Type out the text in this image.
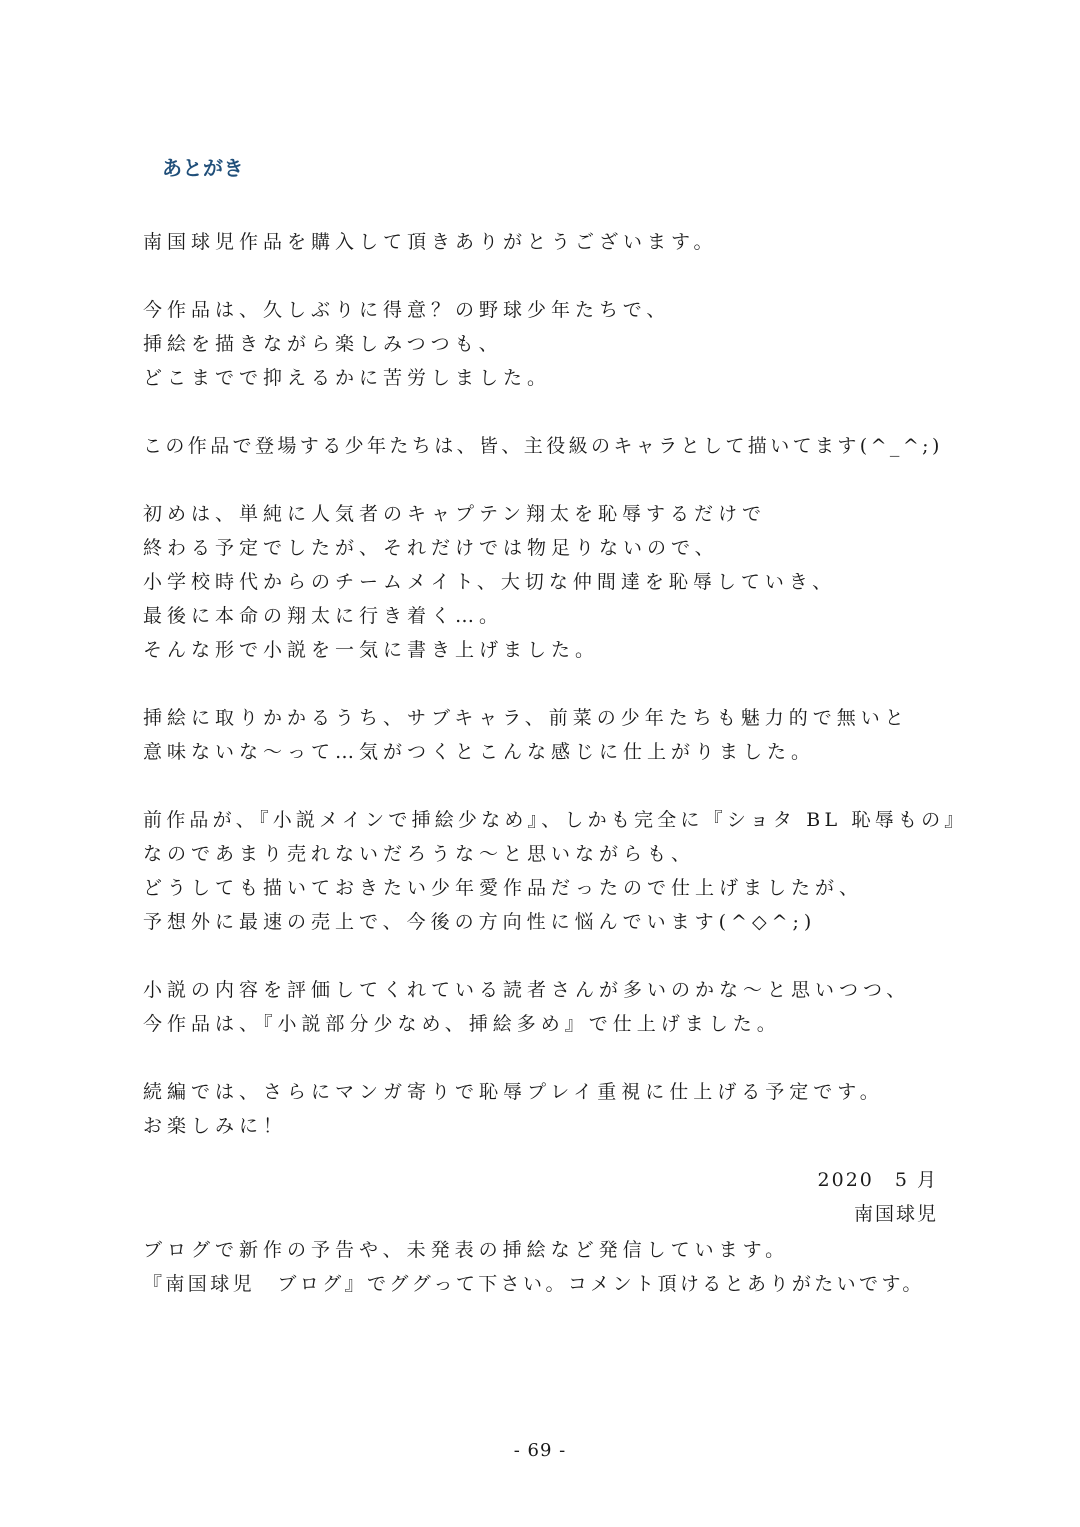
あとがき
南国球児作品を購入して頂きありがとうございます。
今作品は、久しぶりに得意？の野球少年たちで、
挿絵を描きながら楽しみつつも、
どこまでで抑えるかに苦労しました。
この作品で登場する少年たちは、皆、主役級のキャラとして描いてます(^_^;)
初めは、単純に人気者のキャプテン翔太を恥辱するだけで
終わる予定でしたが、それだけでは物足りないので、
小学校時代からのチームメイト、大切な仲間達を恥辱していき、
最後に本命の翔太に行き着く…。
そんな形で小説を一気に書き上げました。
挿絵に取りかかるうち、サブキャラ、前菜の少年たちも魅力的で無いと
意味ないな～って…気がつくとこんな感じに仕上がりました。
前作品が、『小説メインで挿絵少なめ』、しかも完全に『ショタ BL 恥辱もの』
なのであまり売れないだろうな～と思いながらも、
どうしても描いておきたい少年愛作品だったので仕上げましたが、
予想外に最速の売上で、今後の方向性に悩んでいます(^◇^;)
小説の内容を評価してくれている読者さんが多いのかな～と思いつつ、
今作品は、『小説部分少なめ、挿絵多め』で仕上げました。
続編では、さらにマンガ寄りで恥辱プレイ重視に仕上げる予定です。
お楽しみに！
2020　5 月
南国球児
ブログで新作の予告や、未発表の挿絵など発信しています。
『南国球児　ブログ』でググって下さい。コメント頂けるとありがたいです。
- 69 -
